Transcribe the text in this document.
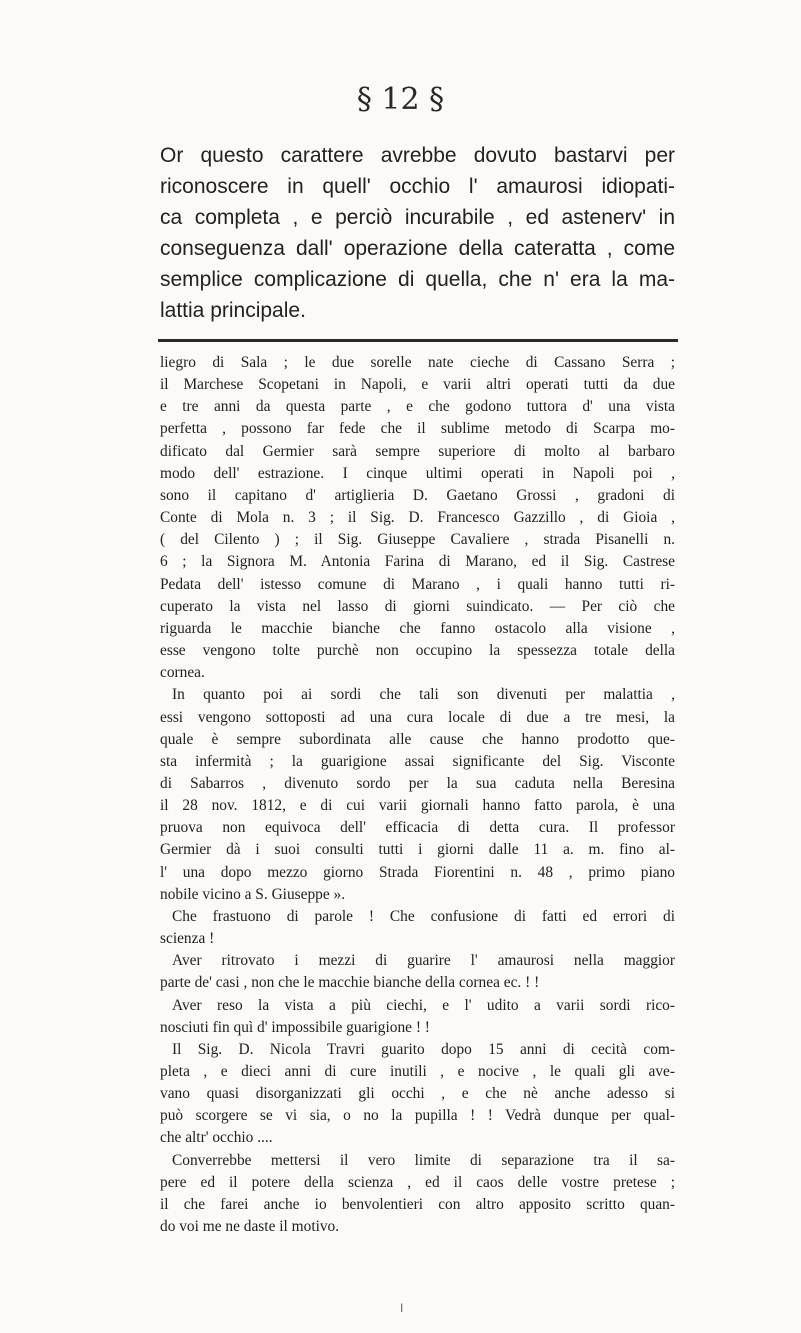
§ 12 §
Or questo carattere avrebbe dovuto bastarvi per
riconoscere in quell' occhio l' amaurosi idiopati-
ca completa , e perciò incurabile , ed astenerv' in
conseguenza dall' operazione della cateratta , come
semplice complicazione di quella, che n' era la ma-
lattia principale.
liegro di Sala ; le due sorelle nate cieche di Cassano Serra ;
il Marchese Scopetani in Napoli, e varii altri operati tutti da due
e tre anni da questa parte , e che godono tuttora d' una vista
perfetta , possono far fede che il sublime metodo di Scarpa mo-
dificato dal Germier sarà sempre superiore di molto al barbaro
modo dell' estrazione. I cinque ultimi operati in Napoli poi ,
sono il capitano d' artiglieria D. Gaetano Grossi , gradoni di
Conte di Mola n. 3 ; il Sig. D. Francesco Gazzillo , di Gioia ,
( del Cilento ) ; il Sig. Giuseppe Cavaliere , strada Pisanelli n.
6 ; la Signora M. Antonia Farina di Marano, ed il Sig. Castrese
Pedata dell' istesso comune di Marano , i quali hanno tutti ri-
cuperato la vista nel lasso di giorni suindicato. — Per ciò che
riguarda le macchie bianche che fanno ostacolo alla visione ,
esse vengono tolte purchè non occupino la spessezza totale della
cornea.
In quanto poi ai sordi che tali son divenuti per malattia ,
essi vengono sottoposti ad una cura locale di due a tre mesi, la
quale è sempre subordinata alle cause che hanno prodotto que-
sta infermità ; la guarigione assai significante del Sig. Visconte
di Sabarros , divenuto sordo per la sua caduta nella Beresina
il 28 nov. 1812, e di cui varii giornali hanno fatto parola, è una
pruova non equivoca dell' efficacia di detta cura. Il professor
Germier dà i suoi consulti tutti i giorni dalle 11 a. m. fino al-
l' una dopo mezzo giorno Strada Fiorentini n. 48 , primo piano
nobile vicino a S. Giuseppe ».
Che frastuono di parole ! Che confusione di fatti ed errori di
scienza !
Aver ritrovato i mezzi di guarire l' amaurosi nella maggior
parte de' casi , non che le macchie bianche della cornea ec. ! !
Aver reso la vista a più ciechi, e l' udito a varii sordi rico-
nosciuti fin quì d' impossibile guarigione ! !
Il Sig. D. Nicola Travri guarito dopo 15 anni di cecità com-
pleta , e dieci anni di cure inutili , e nocive , le quali gli ave-
vano quasi disorganizzati gli occhi , e che nè anche adesso si
può scorgere se vi sia, o no la pupilla ! ! Vedrà dunque per qual-
che altr' occhio ....
Converrebbe mettersi il vero limite di separazione tra il sa-
pere ed il potere della scienza , ed il caos delle vostre pretese ;
il che farei anche io benvolentieri con altro apposito scritto quan-
do voi me ne daste il motivo.
I
